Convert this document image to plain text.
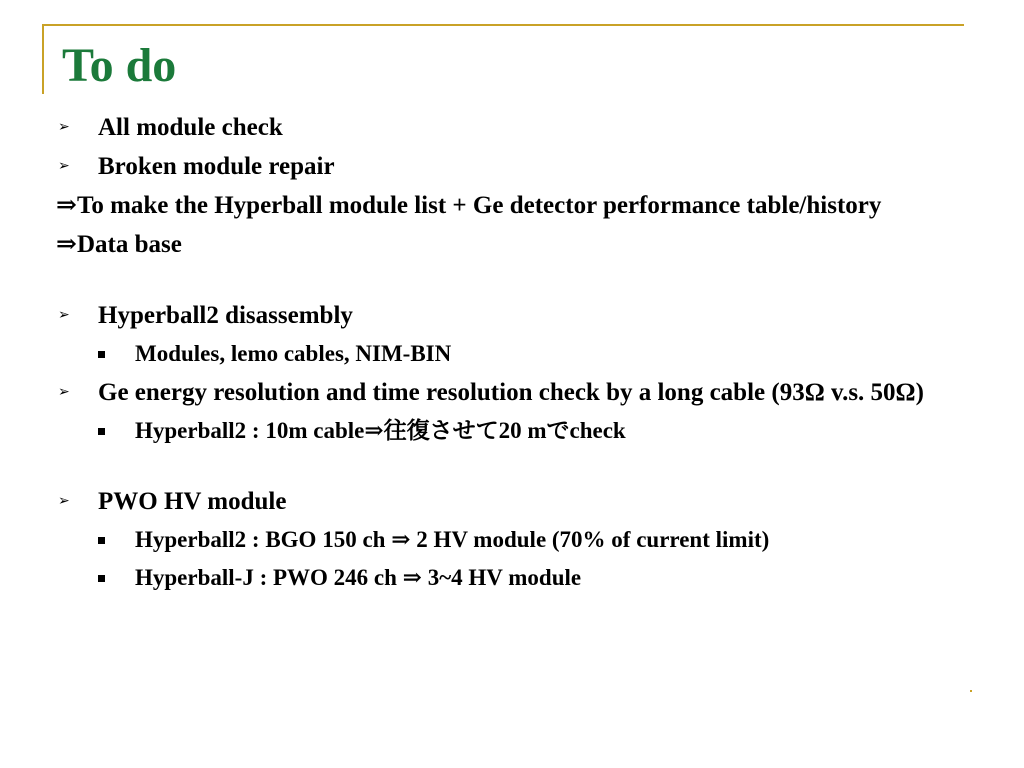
To do
➢ All module check
➢ Broken module repair
⇒To make the Hyperball module list + Ge detector performance table/history
⇒Data base
➢ Hyperball2 disassembly
Modules, lemo cables, NIM-BIN
➢ Ge energy resolution and time resolution check by a long cable (93Ω v.s. 50Ω)
Hyperball2 : 10m cable⇒往復させて20 mでcheck
➢ PWO HV module
Hyperball2 : BGO 150 ch ⇒ 2 HV module (70% of current limit)
Hyperball-J : PWO 246 ch ⇒ 3~4 HV module
